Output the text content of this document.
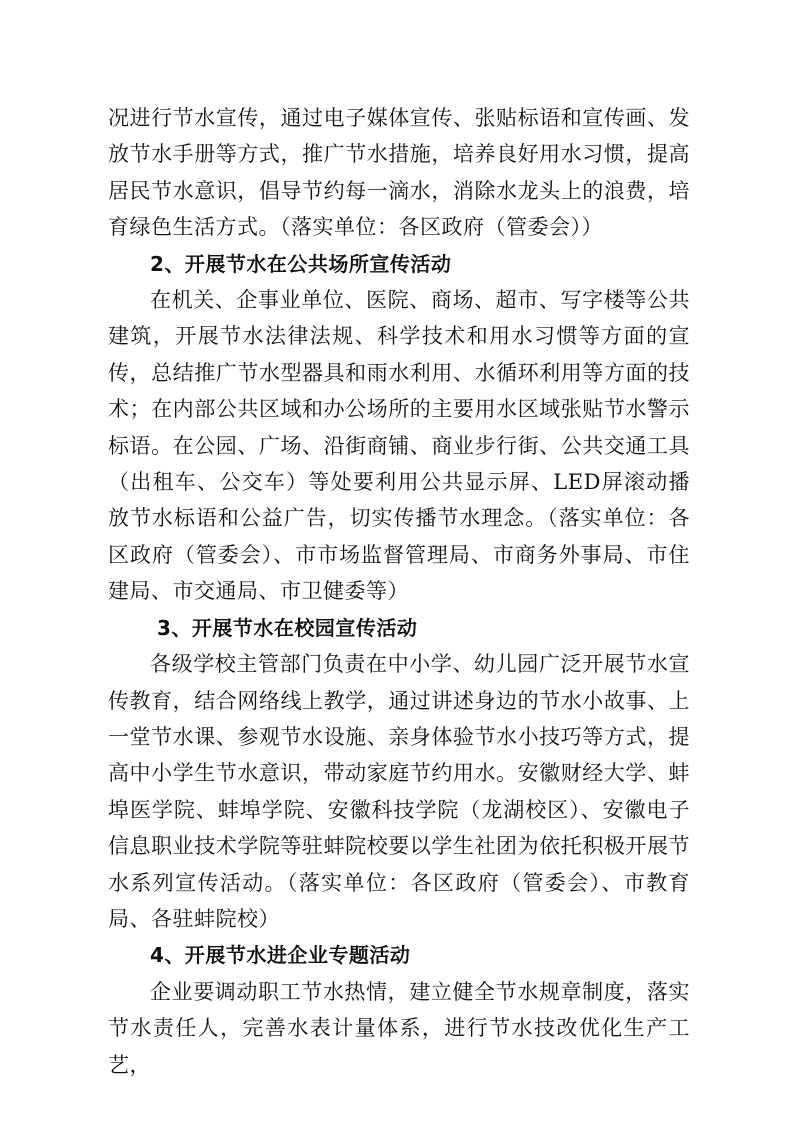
况进行节水宣传，通过电子媒体宣传、张贴标语和宣传画、发放节水手册等方式，推广节水措施，培养良好用水习惯，提高居民节水意识，倡导节约每一滴水，消除水龙头上的浪费，培育绿色生活方式。（落实单位：各区政府（管委会））

2、开展节水在公共场所宣传活动

在机关、企事业单位、医院、商场、超市、写字楼等公共建筑，开展节水法律法规、科学技术和用水习惯等方面的宣传，总结推广节水型器具和雨水利用、水循环利用等方面的技术；在内部公共区域和办公场所的主要用水区域张贴节水警示标语。在公园、广场、沿街商铺、商业步行街、公共交通工具（出租车、公交车）等处要利用公共显示屏、LED屏滚动播放节水标语和公益广告，切实传播节水理念。（落实单位：各区政府（管委会）、市市场监督管理局、市商务外事局、市住建局、市交通局、市卫健委等）

3、开展节水在校园宣传活动

各级学校主管部门负责在中小学、幼儿园广泛开展节水宣传教育，结合网络线上教学，通过讲述身边的节水小故事、上一堂节水课、参观节水设施、亲身体验节水小技巧等方式，提高中小学生节水意识，带动家庭节约用水。安徽财经大学、蚌埠医学院、蚌埠学院、安徽科技学院（龙湖校区）、安徽电子信息职业技术学院等驻蚌院校要以学生社团为依托积极开展节水系列宣传活动。（落实单位：各区政府（管委会）、市教育局、各驻蚌院校）

4、开展节水进企业专题活动

企业要调动职工节水热情，建立健全节水规章制度，落实节水责任人，完善水表计量体系，进行节水技改优化生产工艺，
